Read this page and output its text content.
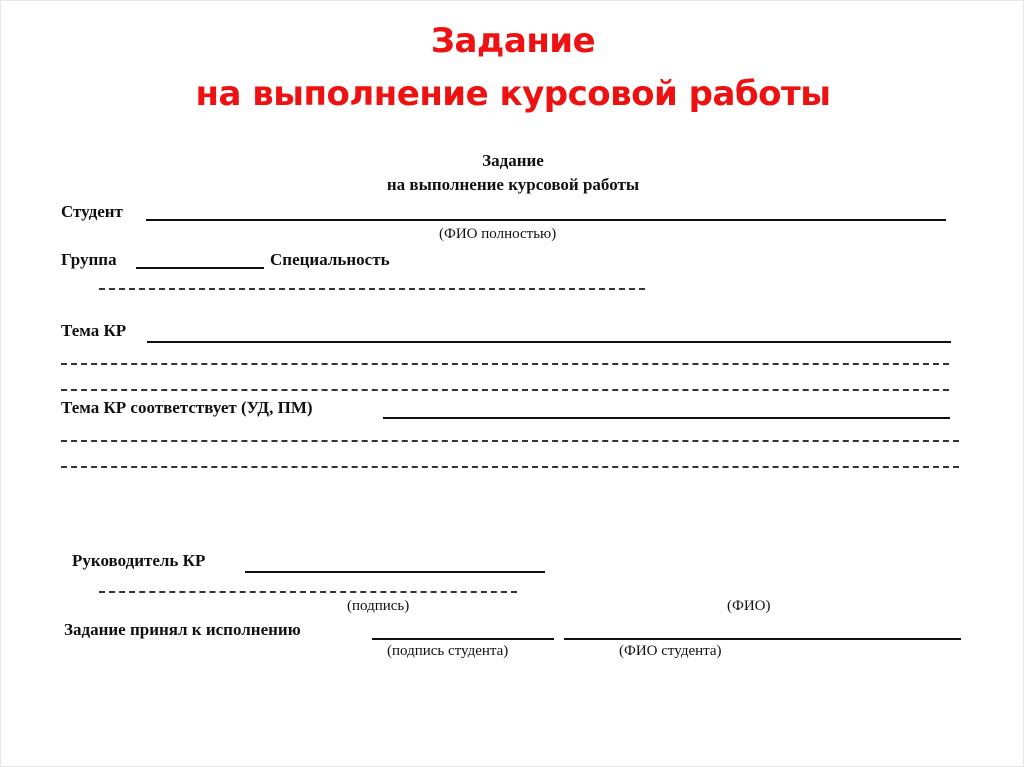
Задание
на выполнение курсовой работы
Задание
на выполнение курсовой работы
Студент
(ФИО полностью)
Группа	Специальность
Тема КР
Тема КР соответствует (УД, ПМ)
Руководитель КР
(подпись)	(ФИО)
Задание принял к исполнению
(подпись студента)	(ФИО студента)
